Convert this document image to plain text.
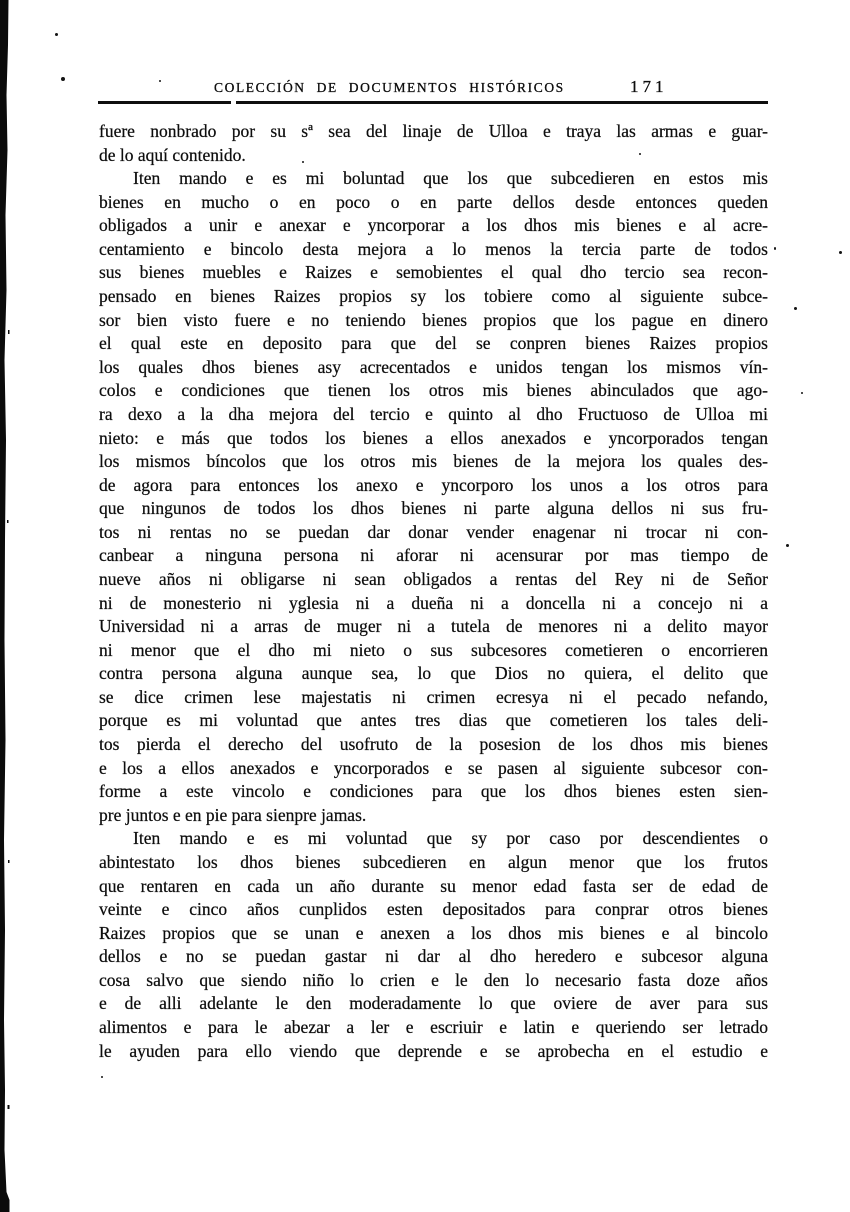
COLECCIÓN DE DOCUMENTOS HISTÓRICOS	171
fuere nonbrado por su sª sea del linaje de Ulloa e traya las armas e guar-
de lo aquí contenido.
Iten mando e es mi boluntad que los que subcedieren en estos mis
bienes en mucho o en poco o en parte dellos desde entonces queden
obligados a unir e anexar e yncorporar a los dhos mis bienes e al acre-
centamiento e bincolo desta mejora a lo menos la tercia parte de todos
sus bienes muebles e Raizes e semobientes el qual dho tercio sea recon-
pensado en bienes Raizes propios sy los tobiere como al siguiente subce-
sor bien visto fuere e no teniendo bienes propios que los pague en dinero
el qual este en deposito para que del se conpren bienes Raizes propios
los quales dhos bienes asy acrecentados e unidos tengan los mismos vín-
colos e condiciones que tienen los otros mis bienes abinculados que ago-
ra dexo a la dha mejora del tercio e quinto al dho Fructuoso de Ulloa mi
nieto: e más que todos los bienes a ellos anexados e yncorporados tengan
los mismos bíncolos que los otros mis bienes de la mejora los quales des-
de agora para entonces los anexo e yncorporo los unos a los otros para
que ningunos de todos los dhos bienes ni parte alguna dellos ni sus fru-
tos ni rentas no se puedan dar donar vender enagenar ni trocar ni con-
canbear a ninguna persona ni aforar ni acensurar por mas tiempo de
nueve años ni obligarse ni sean obligados a rentas del Rey ni de Señor
ni de monesterio ni yglesia ni a dueña ni a doncella ni a concejo ni a
Universidad ni a arras de muger ni a tutela de menores ni a delito mayor
ni menor que el dho mi nieto o sus subcesores cometieren o encorrieren
contra persona alguna aunque sea, lo que Dios no quiera, el delito que
se dice crimen lese majestatis ni crimen ecresya ni el pecado nefando,
porque es mi voluntad que antes tres dias que cometieren los tales deli-
tos pierda el derecho del usofruto de la posesion de los dhos mis bienes
e los a ellos anexados e yncorporados e se pasen al siguiente subcesor con-
forme a este vincolo e condiciones para que los dhos bienes esten sien-
pre juntos e en pie para sienpre jamas.
Iten mando e es mi voluntad que sy por caso por descendientes o
abintestato los dhos bienes subcedieren en algun menor que los frutos
que rentaren en cada un año durante su menor edad fasta ser de edad de
veinte e cinco años cunplidos esten depositados para conprar otros bienes
Raizes propios que se unan e anexen a los dhos mis bienes e al bincolo
dellos e no se puedan gastar ni dar al dho heredero e subcesor alguna
cosa salvo que siendo niño lo crien e le den lo necesario fasta doze años
e de alli adelante le den moderadamente lo que oviere de aver para sus
alimentos e para le abezar a ler e escriuir e latin e queriendo ser letrado
le ayuden para ello viendo que deprende e se aprobecha en el estudio e
